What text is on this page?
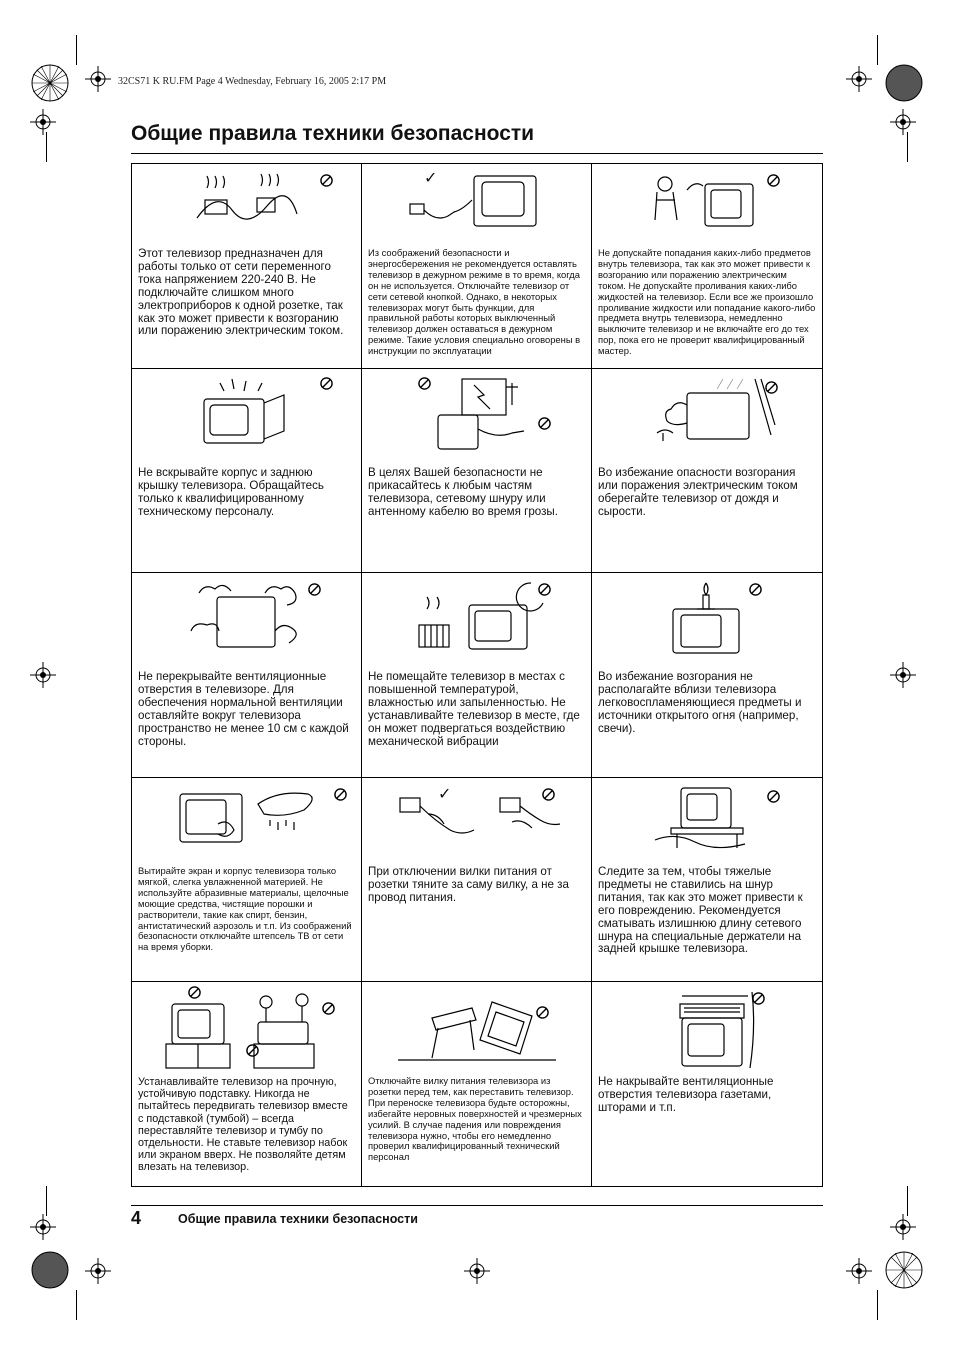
32CS71 K RU.FM Page 4 Wednesday, February 16, 2005 2:17 PM
Общие правила техники безопасности
Этот телевизор предназначен для работы только от сети переменного тока напряжением 220-240 В. Не подключайте слишком много электроприборов к одной розетке, так как это может привести к возгоранию или поражению электрическим током.
✓
Из соображений безопасности и энергосбережения не рекомендуется оставлять телевизор в дежурном режиме в то время, когда он не используется. Отключайте телевизор от сети сетевой кнопкой. Однако, в некоторых телевизорах могут быть функции, для правильной работы которых выключенный телевизор должен оставаться в дежурном режиме. Такие условия специально оговорены в инструкции по эксплуатации
Не допускайте попадания каких-либо предметов внутрь телевизора, так как это может привести к возгоранию или поражению электрическим током. Не допускайте проливания каких-либо жидкостей на телевизор. Если все же произошло проливание жидкости или попадание какого-либо предмета внутрь телевизора, немедленно выключите телевизор и не включайте его до тех пор, пока его не проверит квалифицированный мастер.
Не вскрывайте корпус и заднюю крышку телевизора. Обращайтесь только к квалифицированному техническому персоналу.
В целях Вашей безопасности не прикасайтесь к любым частям телевизора, сетевому шнуру или антенному кабелю во время грозы.
Во избежание опасности возгорания или поражения электрическим током оберегайте телевизор от дождя и сырости.
Не перекрывайте вентиляционные отверстия в телевизоре. Для обеспечения нормальной вентиляции оставляйте вокруг телевизора пространство не менее 10 см с каждой стороны.
Не помещайте телевизор в местах с повышенной температурой, влажностью или запыленностью. Не устанавливайте телевизор в месте, где он может подвергаться воздействию механической вибрации
Во избежание возгорания не располагайте вблизи телевизора легковоспламеняющиеся предметы и источники открытого огня (например, свечи).
Вытирайте экран и корпус телевизора только мягкой, слегка увлажненной материей. Не используйте абразивные материалы, щелочные моющие средства, чистящие порошки и растворители, такие как спирт, бензин, антистатический аэрозоль и т.п. Из соображений безопасности отключайте штепсель ТВ от сети на время уборки.
✓
При отключении вилки питания от розетки тяните за саму вилку, а не за провод питания.
Следите за тем, чтобы тяжелые предметы не ставились на шнур питания, так как это может привести к его повреждению. Рекомендуется сматывать излишнюю длину сетевого шнура на специальные держатели на задней крышке телевизора.
Устанавливайте телевизор на прочную, устойчивую подставку. Никогда не пытайтесь передвигать телевизор вместе с подставкой (тумбой) – всегда переставляйте телевизор и тумбу по отдельности. Не ставьте телевизор набок или экраном вверх. Не позволяйте детям влезать на телевизор.
Отключайте вилку питания телевизора из розетки перед тем, как переставить телевизор. При переноске телевизора будьте осторожны, избегайте неровных поверхностей и чрезмерных усилий. В случае падения или повреждения телевизора нужно, чтобы его немедленно проверил квалифицированный технический персонал
Не накрывайте вентиляционные отверстия телевизора газетами, шторами и т.п.
4	Общие правила техники безопасности
